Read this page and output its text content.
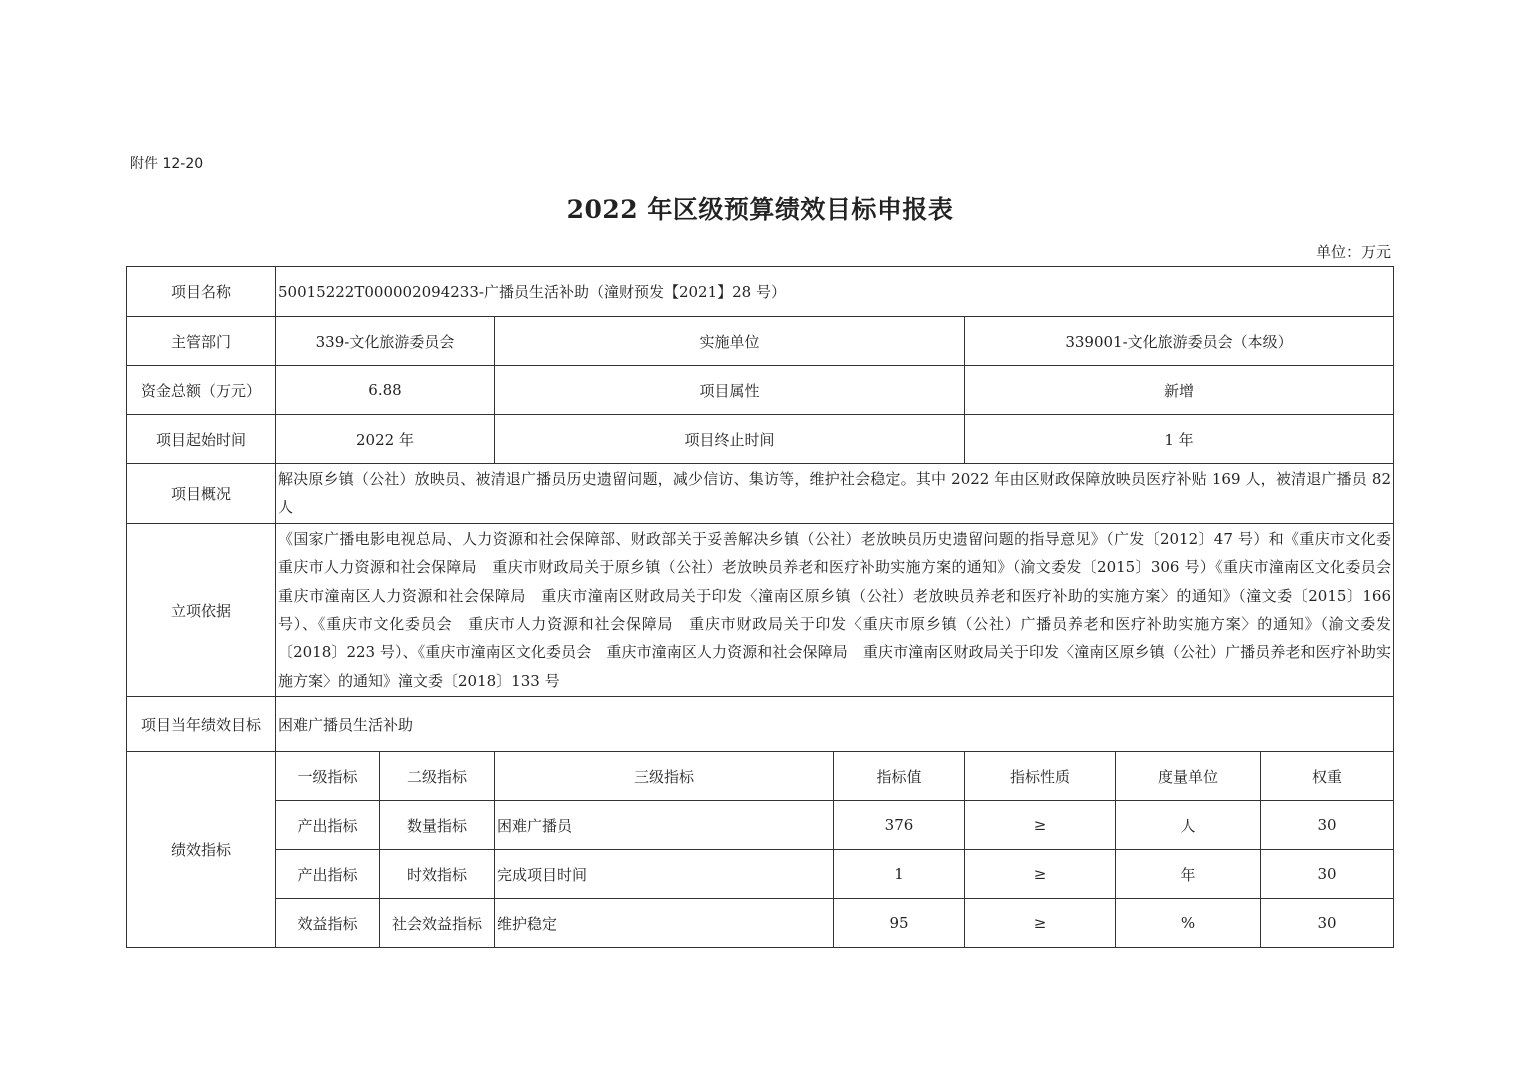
附件 12-20
2022 年区级预算绩效目标申报表
单位：万元
项目名称	50015222T000002094233-广播员生活补助（潼财预发【2021】28 号）						
主管部门	339-文化旅游委员会		实施单位		339001-文化旅游委员会（本级）		
资金总额（万元）	6.88		项目属性		新增		
项目起始时间	2022 年		项目终止时间		1 年		
项目概况	解决原乡镇（公社）放映员、被清退广播员历史遗留问题，减少信访、集访等，维护社会稳定。其中 2022 年由区财政保障放映员医疗补贴 169 人，被清退广播员 82 人						
立项依据	《国家广播电影电视总局、人力资源和社会保障部、财政部关于妥善解决乡镇（公社）老放映员历史遗留问题的指导意见》（广发〔2012〕47 号）和《重庆市文化委　重庆市人力资源和社会保障局　重庆市财政局关于原乡镇（公社）老放映员养老和医疗补助实施方案的通知》（渝文委发〔2015〕306 号）《重庆市潼南区文化委员会　重庆市潼南区人力资源和社会保障局　重庆市潼南区财政局关于印发〈潼南区原乡镇（公社）老放映员养老和医疗补助的实施方案〉的通知》（潼文委〔2015〕166 号）、《重庆市文化委员会　重庆市人力资源和社会保障局　重庆市财政局关于印发〈重庆市原乡镇（公社）广播员养老和医疗补助实施方案〉的通知》（渝文委发〔2018〕223 号）、《重庆市潼南区文化委员会　重庆市潼南区人力资源和社会保障局　重庆市潼南区财政局关于印发〈潼南区原乡镇（公社）广播员养老和医疗补助实施方案〉的通知》潼文委〔2018〕133 号						
项目当年绩效目标	困难广播员生活补助						
绩效指标	一级指标	二级指标	三级指标	指标值	指标性质	度量单位	权重
	产出指标	数量指标	困难广播员	376	≥	人	30
	产出指标	时效指标	完成项目时间	1	≥	年	30
	效益指标	社会效益指标	维护稳定	95	≥	%	30
